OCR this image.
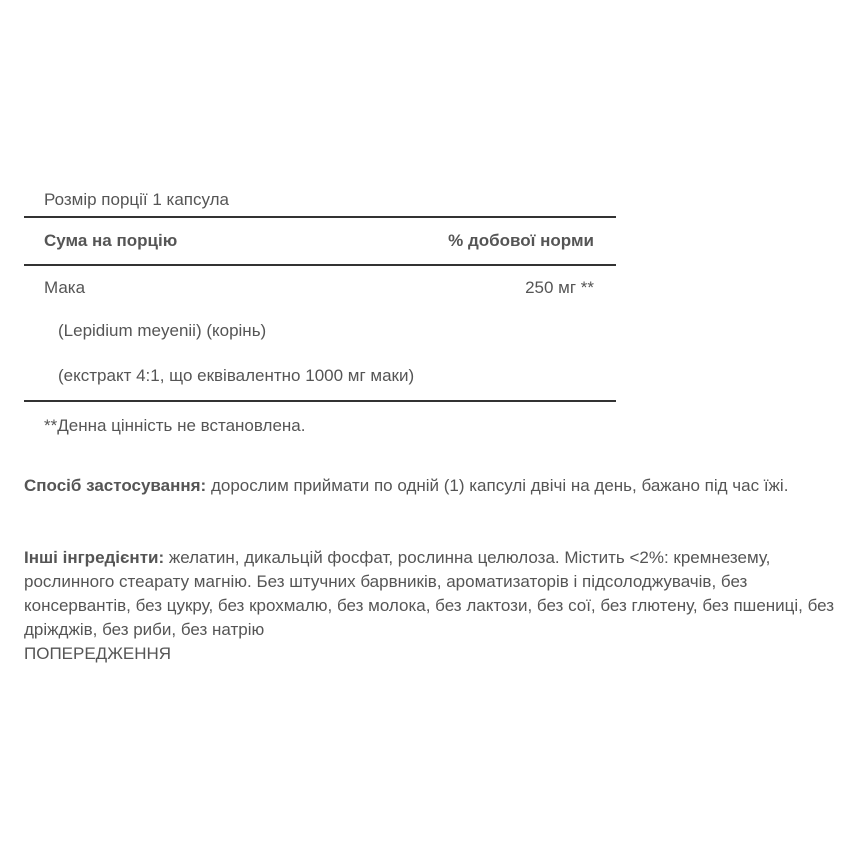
Розмір порції 1 капсула
Сума на порцію	% добової норми
Мака	250 мг **
(Lepidium meyenii) (корінь)
(екстракт 4:1, що еквівалентно 1000 мг маки)
**Денна цінність не встановлена.

Спосіб застосування: дорослим приймати по одній (1) капсулі двічі на день, бажано під час їжі.

Інші інгредієнти: желатин, дикальцій фосфат, рослинна целюлоза. Містить <2%: кремнезему, рослинного стеарату магнію. Без штучних барвників, ароматизаторів і підсолоджувачів, без консервантів, без цукру, без крохмалю, без молока, без лактози, без сої, без глютену, без пшениці, без дріжджів, без риби, без натрію
ПОПЕРЕДЖЕННЯ
